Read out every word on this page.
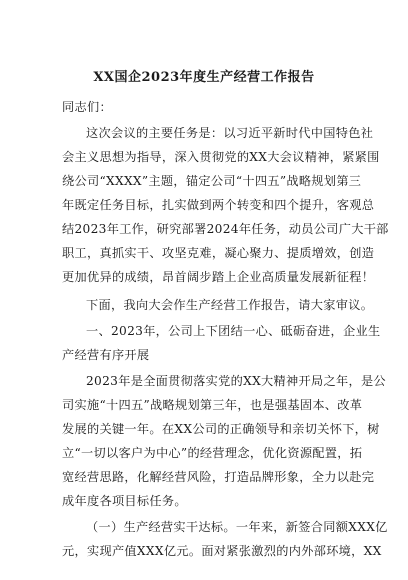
XX国企2023年度生产经营工作报告
同志们：
这次会议的主要任务是：以习近平新时代中国特色社
会主义思想为指导，深入贯彻党的XX大会议精神，紧紧围
绕公司“XXXX”主题，锚定公司“十四五”战略规划第三
年既定任务目标，扎实做到两个转变和四个提升，客观总
结2023年工作，研究部署2024年任务，动员公司广大干部
职工，真抓实干、攻坚克难，凝心聚力、提质增效，创造
更加优异的成绩，昂首阔步踏上企业高质量发展新征程！
下面，我向大会作生产经营工作报告，请大家审议。
一、2023年，公司上下团结一心、砥砺奋进，企业生
产经营有序开展
2023年是全面贯彻落实党的XX大精神开局之年，是公
司实施“十四五”战略规划第三年，也是强基固本、改革
发展的关键一年。在XX公司的正确领导和亲切关怀下，树
立“一切以客户为中心”的经营理念，优化资源配置，拓
宽经营思路，化解经营风险，打造品牌形象，全力以赴完
成年度各项目标任务。
（一）生产经营实干达标。一年来，新签合同额XXX亿
元，实现产值XXX亿元。面对紧张激烈的内外部环境，XX
